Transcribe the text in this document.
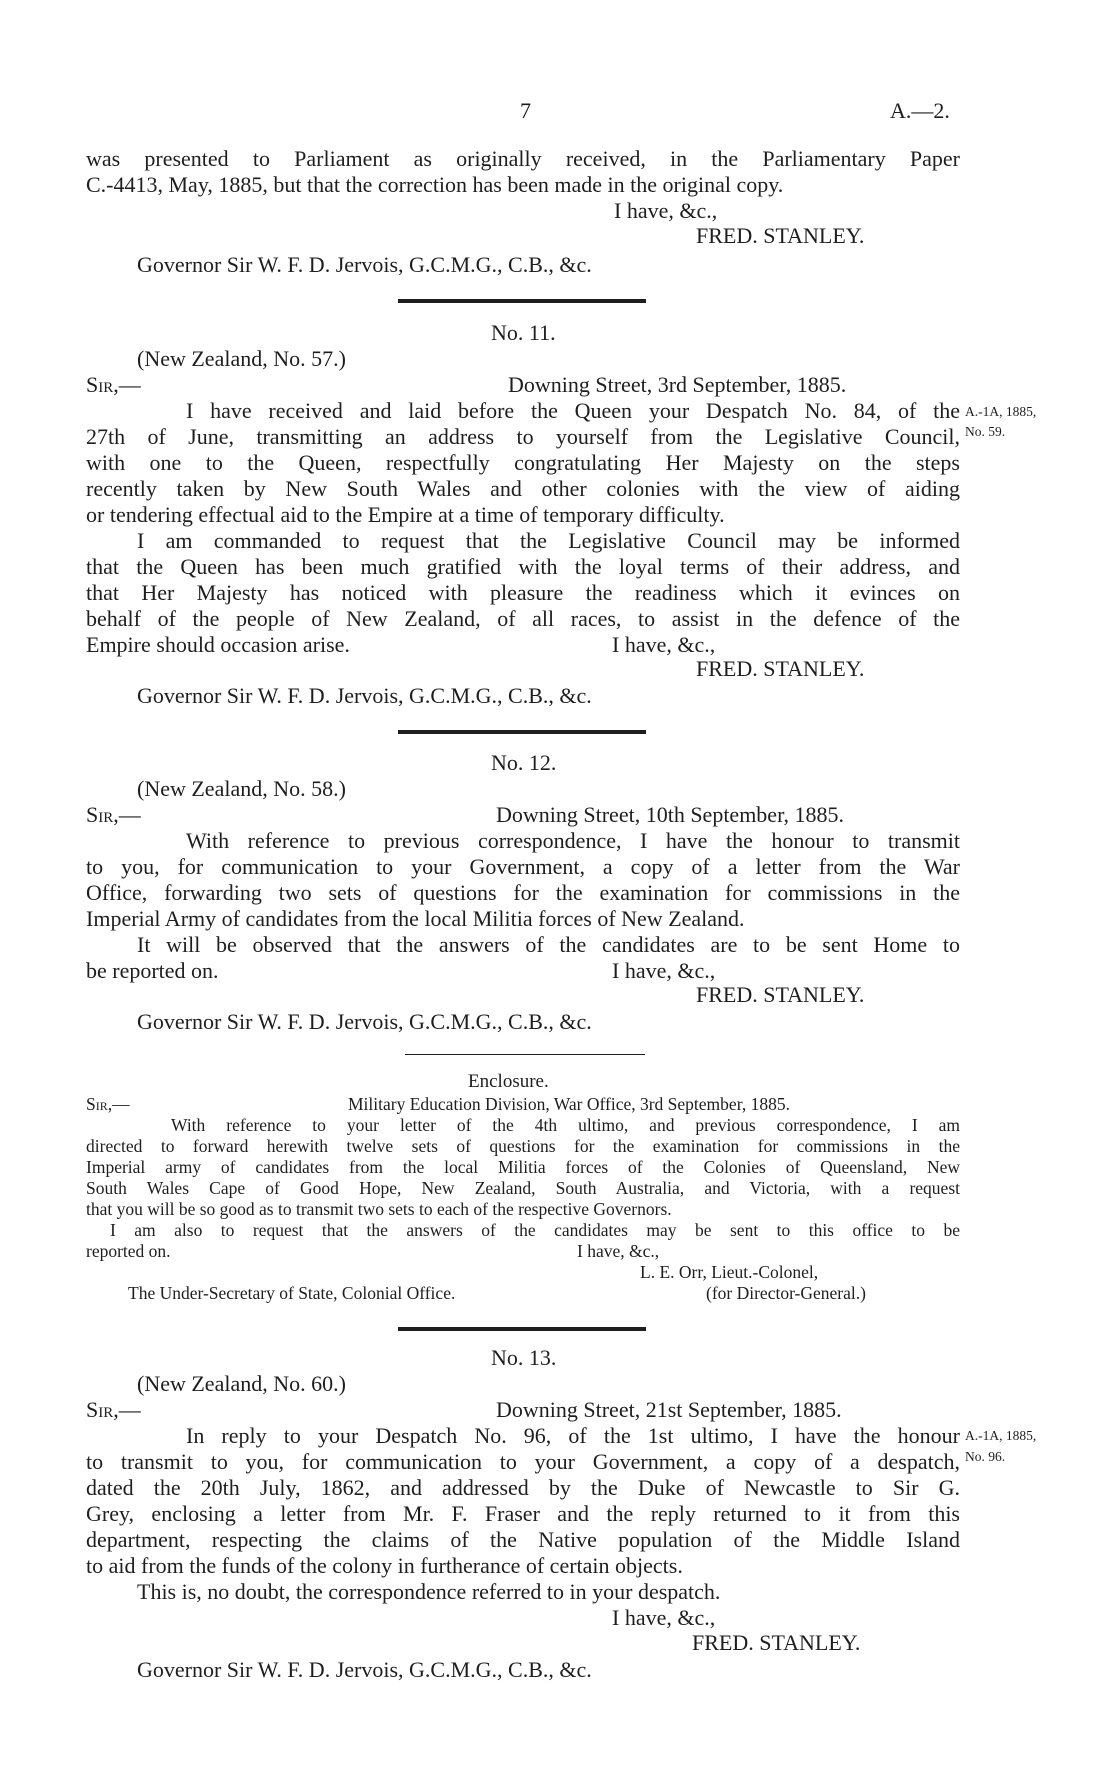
7	A.—2.
was presented to Parliament as originally received, in the Parliamentary Paper
C.-4413, May, 1885, but that the correction has been made in the original copy.
I have, &c.,
FRED. STANLEY.
Governor Sir W. F. D. Jervois, G.C.M.G., C.B., &c.
No. 11.
(New Zealand, No. 57.)
Sir,—	Downing Street, 3rd September, 1885.
I have received and laid before the Queen your Despatch No. 84, of the
27th of June, transmitting an address to yourself from the Legislative Council,
with one to the Queen, respectfully congratulating Her Majesty on the steps
recently taken by New South Wales and other colonies with the view of aiding
or tendering effectual aid to the Empire at a time of temporary difficulty.
I am commanded to request that the Legislative Council may be informed
that the Queen has been much gratified with the loyal terms of their address, and
that Her Majesty has noticed with pleasure the readiness which it evinces on
behalf of the people of New Zealand, of all races, to assist in the defence of the
Empire should occasion arise.	I have, &c.,
FRED. STANLEY.
Governor Sir W. F. D. Jervois, G.C.M.G., C.B., &c.
A.-1A, 1885,
No. 59.
No. 12.
(New Zealand, No. 58.)
Sir,—	Downing Street, 10th September, 1885.
With reference to previous correspondence, I have the honour to transmit
to you, for communication to your Government, a copy of a letter from the War
Office, forwarding two sets of questions for the examination for commissions in the
Imperial Army of candidates from the local Militia forces of New Zealand.
It will be observed that the answers of the candidates are to be sent Home to
be reported on.	I have, &c.,
FRED. STANLEY.
Governor Sir W. F. D. Jervois, G.C.M.G., C.B., &c.
Enclosure.
Sir,—	Military Education Division, War Office, 3rd September, 1885.
With reference to your letter of the 4th ultimo, and previous correspondence, I am
directed to forward herewith twelve sets of questions for the examination for commissions in the
Imperial army of candidates from the local Militia forces of the Colonies of Queensland, New
South Wales Cape of Good Hope, New Zealand, South Australia, and Victoria, with a request
that you will be so good as to transmit two sets to each of the respective Governors.
I am also to request that the answers of the candidates may be sent to this office to be
reported on.	I have, &c.,
L. E. Orr, Lieut.-Colonel,
The Under-Secretary of State, Colonial Office.	(for Director-General.)
No. 13.
(New Zealand, No. 60.)
Sir,—	Downing Street, 21st September, 1885.
In reply to your Despatch No. 96, of the 1st ultimo, I have the honour
to transmit to you, for communication to your Government, a copy of a despatch,
dated the 20th July, 1862, and addressed by the Duke of Newcastle to Sir G.
Grey, enclosing a letter from Mr. F. Fraser and the reply returned to it from this
department, respecting the claims of the Native population of the Middle Island
to aid from the funds of the colony in furtherance of certain objects.
This is, no doubt, the correspondence referred to in your despatch.
I have, &c.,
FRED. STANLEY.
Governor Sir W. F. D. Jervois, G.C.M.G., C.B., &c.
A.-1A, 1885,
No. 96.
